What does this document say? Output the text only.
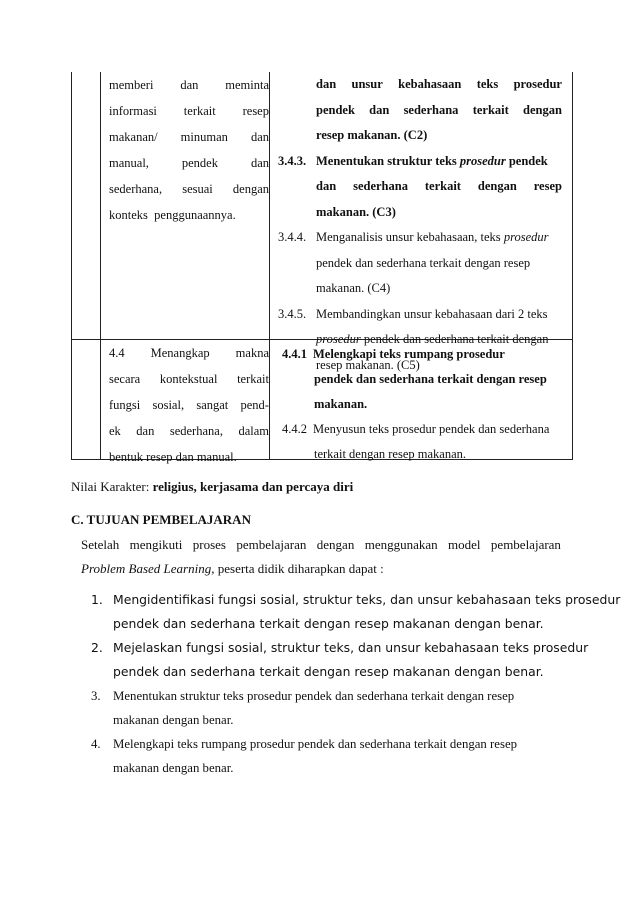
memberi dan meminta
informasi terkait resep
makanan/ minuman dan
manual,	pendek	dan
sederhana, sesuai dengan
konteks
penggunaannya.
dan unsur kebahasaan teks prosedur
pendek dan sederhana terkait dengan
resep makanan. (C2)
3.4.3. Menentukan struktur teks prosedur pendek
dan sederhana terkait dengan resep
makanan. (C3)
3.4.4. Menganalisis unsur kebahasaan, teks prosedur
pendek dan sederhana terkait dengan resep
makanan. (C4)
3.4.5. Membandingkan unsur kebahasaan dari 2 teks
prosedur pendek dan sederhana terkait dengan
resep makanan. (C5)
4.4 Menangkap makna
secara kontekstual terkait
fungsi sosial, sangat pend-
ek dan sederhana, dalam
bentuk resep dan manual.
4.4.1 Melengkapi teks rumpang prosedur
pendek dan sederhana terkait dengan resep
makanan.
4.4.2 Menyusun teks prosedur pendek dan sederhana
terkait dengan resep makanan.
Nilai Karakter: religius, kerjasama dan percaya diri
C. TUJUAN PEMBELAJARAN
Setelah mengikuti proses pembelajaran dengan menggunakan model pembelajaran
Problem Based Learning, peserta didik diharapkan dapat :
1. Mengidentifikasi fungsi sosial, struktur teks, dan unsur kebahasaan teks prosedur
pendek dan sederhana terkait dengan resep makanan dengan benar.
2. Mejelaskan fungsi sosial, struktur teks, dan unsur kebahasaan teks prosedur
pendek dan sederhana terkait dengan resep makanan dengan benar.
3. Menentukan struktur teks prosedur pendek dan sederhana terkait dengan resep
makanan dengan benar.
4. Melengkapi teks rumpang prosedur pendek dan sederhana terkait dengan resep
makanan dengan benar.
